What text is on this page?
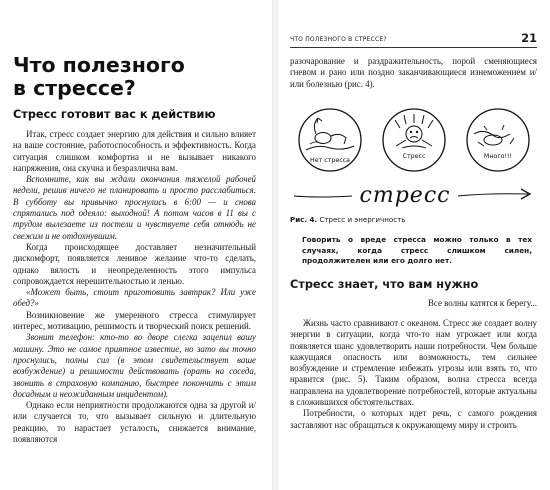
Что полезного
в стрессе?
Стресс готовит вас к действию

Итак, стресс создает энергию для действия и сильно влияет на ваше состояние, работоспособность и эффективность. Когда ситуация слишком комфортна и не вызывает никакого напряжения, она скучна и безразлична вам.

Вспомните, как вы ждали окончания тяжелой рабочей недели, решив ничего не планировать и просто расслабиться. В субботу вы привычно проснулись в 6:00 — и снова спрятались под одеяло: выходной! А потом часов в 11 вы с трудом вылезаете из постели и чувствуете себя отнюдь не свежим и не отдохнувшим.

Когда происходящее доставляет незначительный дискомфорт, появляется ленивое желание что-то сделать, однако вялость и неопределенность этого импульса сопровождается нерешительностью и ленью.

«Может быть, стоит приготовить завтрак? Или уже обед?»

Возникновение же умеренного стресса стимулирует интерес, мотивацию, решимость и творческий поиск решений.

Звонит телефон: кто-то во дворе слегка зацепил вашу машину. Это не самое приятное известие, но зато вы точно проснулись, полны сил (в этом свидетельствует ваше возбуждение) и решимости действовать (орать на соседа, звонить в страховую компанию, быстрее покончить с этим досадным и неожиданным инцидентом).

Однако если неприятности продолжаются одна за другой и/или случается то, что вызывает сильную и длительную реакцию, то нарастает усталость, снижается внимание, появляются

ЧТО ПОЛЕЗНОГО В СТРЕССЕ?	21

разочарование и раздражительность, порой сменяющиеся гневом и рано или поздно заканчивающиеся изнеможением и/или болезнью (рис. 4).

Нет стресса
Стресс	Много!!!
стресс
Рис. 4. Стресс и энергичность

Говорить о вреде стресса можно только в тех случаях, когда стресс слишком силен, продолжителен или его долго нет.

Стресс знает, что вам нужно
Все волны катятся к берегу...

Жизнь часто сравнивают с океаном. Стресс же создает волну энергии в ситуации, когда что-то нам угрожает или когда появляется шанс удовлетворить наши потребности. Чем больше кажущаяся опасность или возможность, тем сильнее возбуждение и стремление избежать угрозы или взять то, что нравится (рис. 5). Таким образом, волна стресса всегда направлена на удовлетворение потребностей, которые актуальны в сложившихся обстоятельствах.

Потребности, о которых идет речь, с самого рождения заставляют нас обращаться к окружающему миру и строить
